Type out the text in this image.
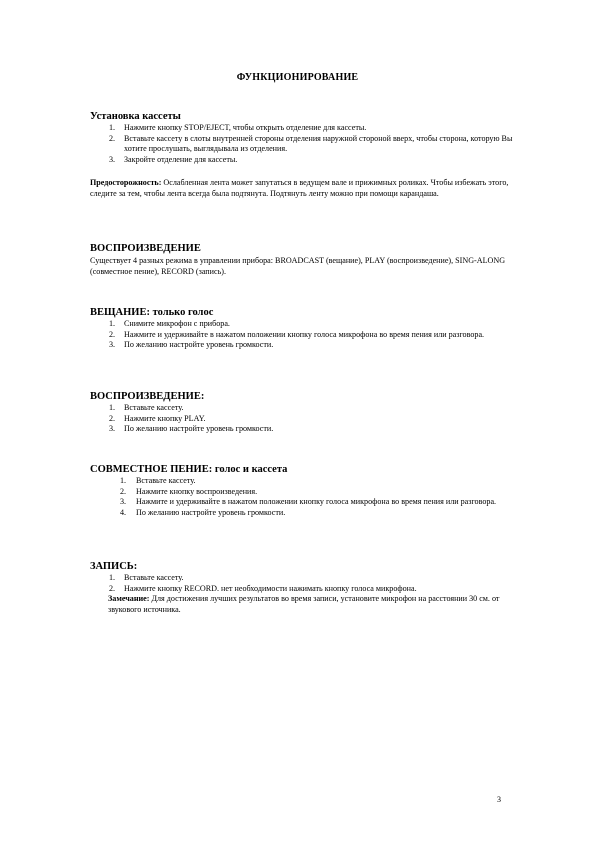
ФУНКЦИОНИРОВАНИЕ

Установка кассеты

1. Нажмите кнопку STOP/EJECT, чтобы открыть отделение для кассеты.
2. Вставьте кассету в слоты внутренней стороны отделения наружной стороной вверх, чтобы сторона, которую Вы хотите прослушать, выглядывала из отделения.
3. Закройте отделение для кассеты.

Предосторожность: Ослабленная лента может запутаться в ведущем вале и прижимных роликах. Чтобы избежать этого, следите за тем, чтобы лента всегда была подтянута. Подтянуть ленту можно при помощи карандаша.

ВОСПРОИЗВЕДЕНИЕ

Существует 4 разных режима в управлении прибора: BROADCAST (вещание), PLAY (воспроизведение), SING-ALONG (совместное пение), RECORD (запись).

ВЕЩАНИЕ: только голос

1. Снимите микрофон с прибора.
2. Нажмите и удерживайте в нажатом положении кнопку голоса микрофона во время пения или разговора.
3. По желанию настройте уровень громкости.

ВОСПРОИЗВЕДЕНИЕ:

1. Вставьте кассету.
2. Нажмите кнопку PLAY.
3. По желанию настройте уровень громкости.

СОВМЕСТНОЕ ПЕНИЕ: голос и кассета

1. Вставьте кассету.
2. Нажмите кнопку воспроизведения.
3. Нажмите и удерживайте в нажатом положении кнопку голоса микрофона во время пения или разговора.
4. По желанию настройте уровень громкости.

ЗАПИСЬ:

1. Вставьте кассету.
2. Нажмите кнопку RECORD. нет необходимости нажимать кнопку голоса микрофона.

Замечание: Для достижения лучших результатов во время записи, установите микрофон на расстоянии 30 см. от звукового источника.

3
